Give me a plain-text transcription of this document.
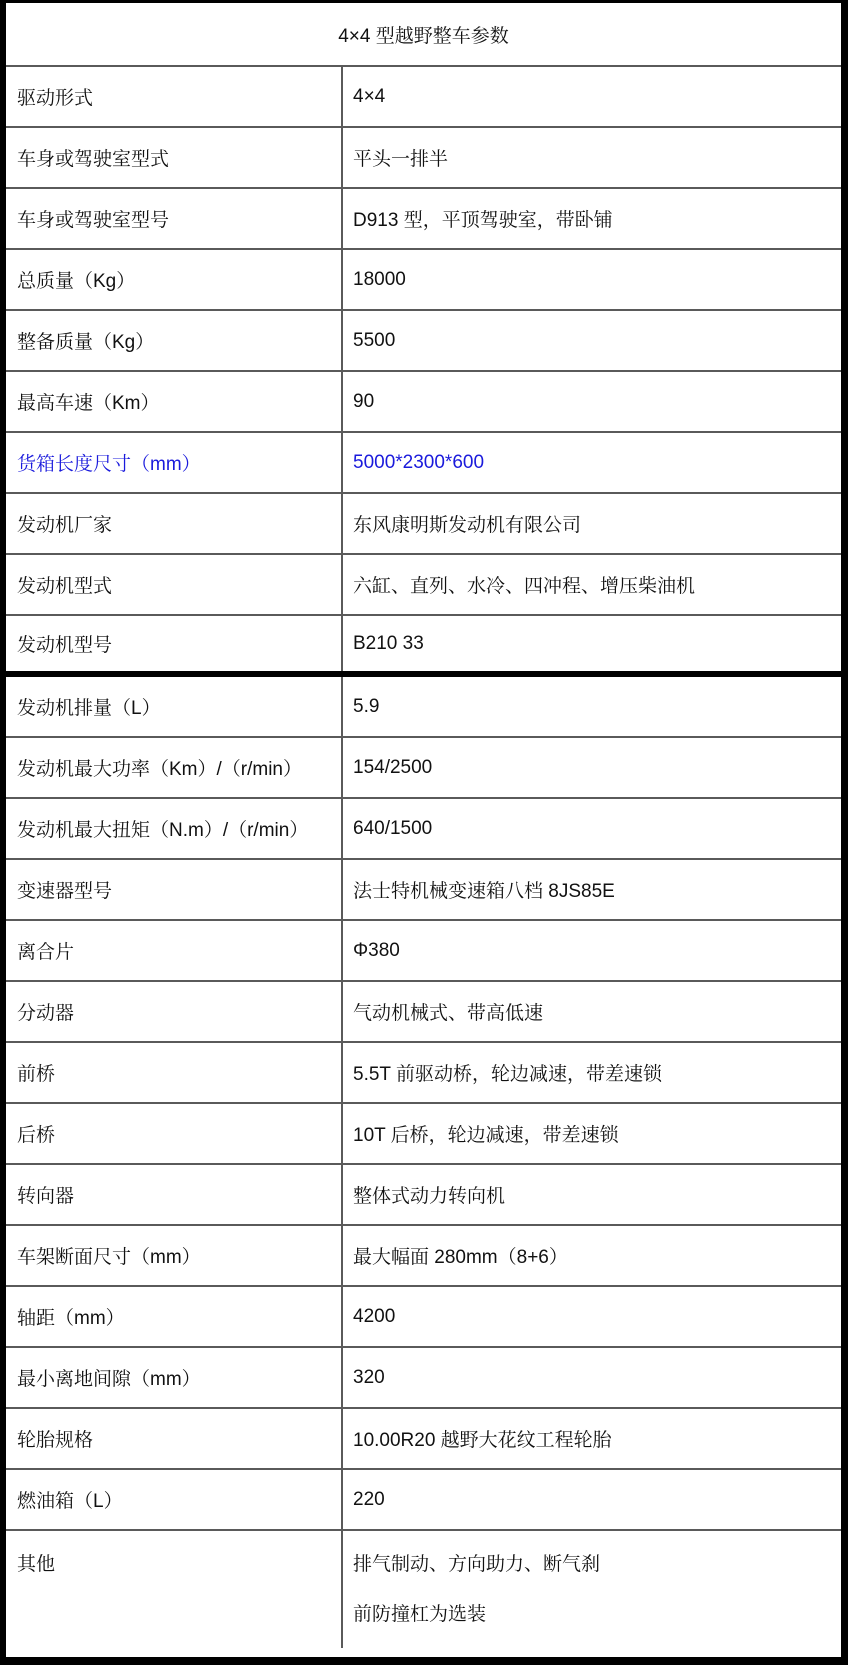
4×4 型越野整车参数
驱动形式	4×4
车身或驾驶室型式	平头一排半
车身或驾驶室型号	D913 型，平顶驾驶室，带卧铺
总质量（Kg）	18000
整备质量（Kg）	5500
最高车速（Km）	90
货箱长度尺寸（mm）	5000*2300*600
发动机厂家	东风康明斯发动机有限公司
发动机型式	六缸、直列、水冷、四冲程、增压柴油机
发动机型号	B210 33
发动机排量（L）	5.9
发动机最大功率（Km）/（r/min）	154/2500
发动机最大扭矩（N.m）/（r/min）	640/1500
变速器型号	法士特机械变速箱八档 8JS85E
离合片	Φ380
分动器	气动机械式、带高低速
前桥	5.5T 前驱动桥，轮边减速，带差速锁
后桥	10T 后桥，轮边减速，带差速锁
转向器	整体式动力转向机
车架断面尺寸（mm）	最大幅面 280mm（8+6）
轴距（mm）	4200
最小离地间隙（mm）	320
轮胎规格	10.00R20 越野大花纹工程轮胎
燃油箱（L）	220
其他	排气制动、方向助力、断气刹
前防撞杠为选装
